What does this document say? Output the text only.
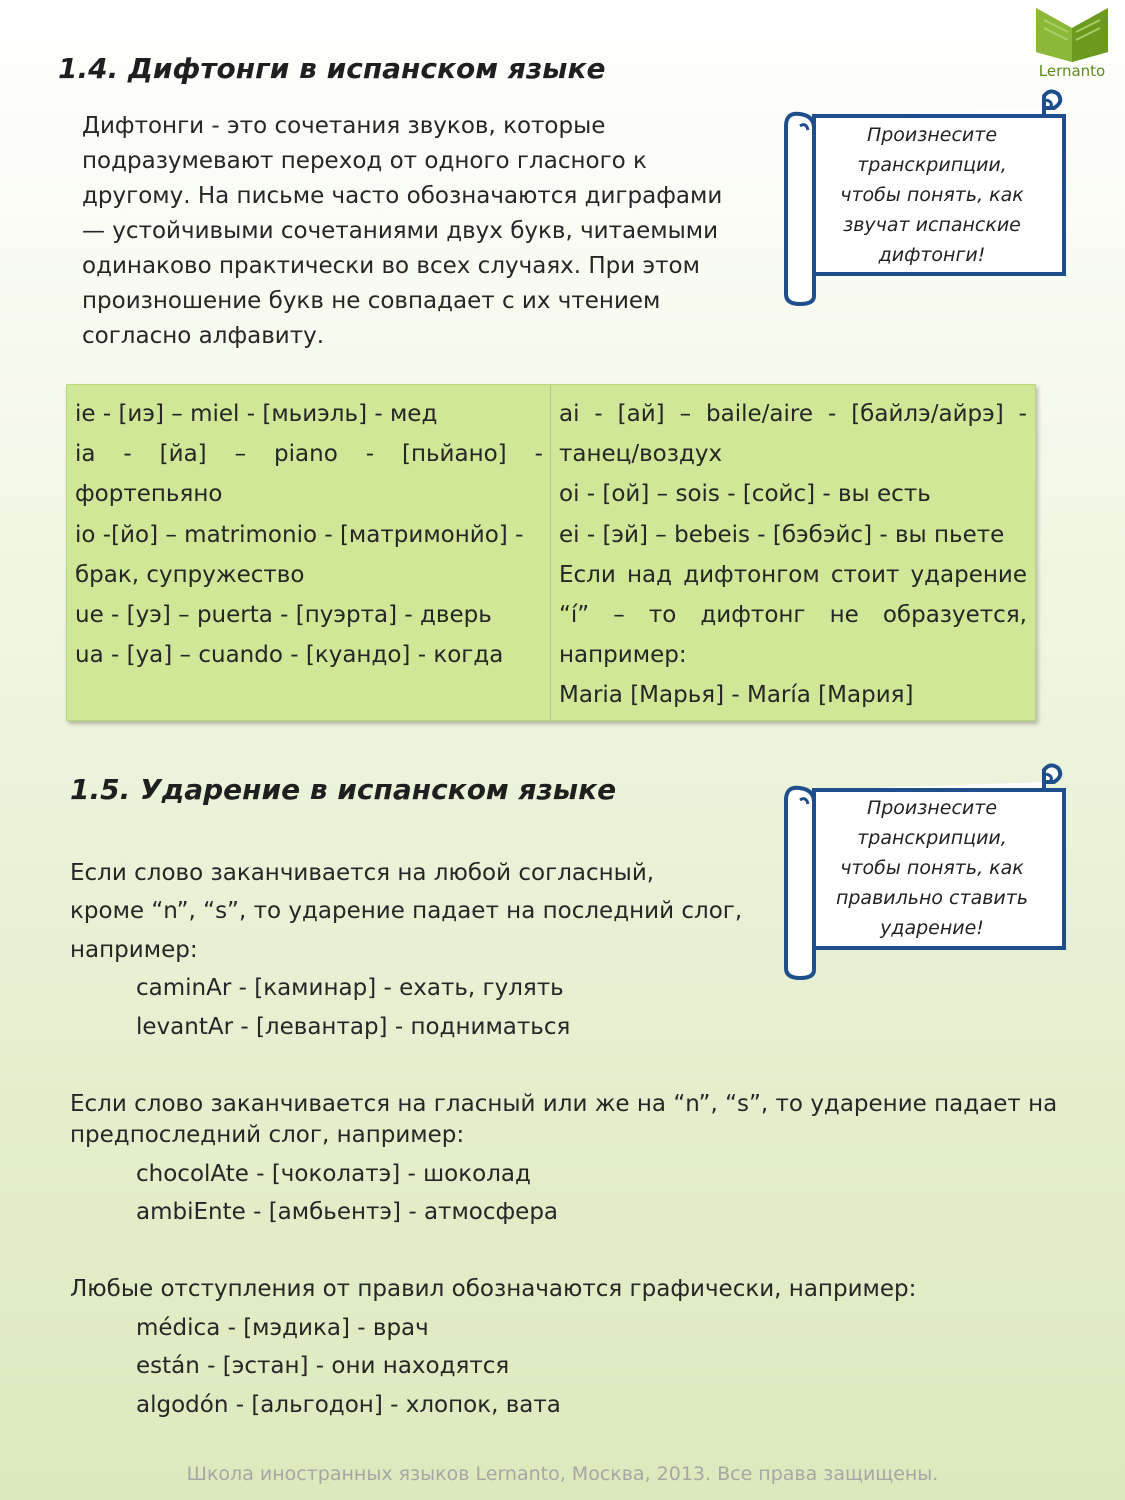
Lernanto
1.4. Дифтонги в испанском языке
Дифтонги - это сочетания звуков, которые
подразумевают переход от одного гласного к
другому. На письме часто обозначаются диграфами
— устойчивыми сочетаниями двух букв, читаемыми
одинаково практически во всех случаях. При этом
произношение букв не совпадает с их чтением
согласно алфавиту.
Произнесите
транскрипции,
чтобы понять, как
звучат испанские
дифтонги!
ie - [иэ] – miel - [мьиэль] - мед
ia - [йа] – piano - [пьйано] -
фортепьяно
io -[йо] – matrimonio - [матримонйо] -
брак, супружество
ue - [уэ] – puerta - [пуэрта] - дверь
ua - [уа] – cuando - [куандо] - когда
ai - [ай] – baile/aire - [байлэ/айрэ] -
танец/воздух
oi - [ой] – sois - [сойс] - вы есть
ei - [эй] – bebeis - [бэбэйс] - вы пьете
Если над дифтонгом стоит ударение
“í” – то дифтонг не образуется,
например:
Maria [Марья] - María [Мария]
1.5. Ударение в испанском языке
Произнесите
транскрипции,
чтобы понять, как
правильно ставить
ударение!
Если слово заканчивается на любой согласный,
кроме “n”, “s”, то ударение падает на последний слог,
например:
caminAr - [каминар] - ехать, гулять
levantAr - [левантар] - подниматься
Если слово заканчивается на гласный или же на “n”, “s”, то ударение падает на
предпоследний слог, например:
chocolAte - [чоколатэ] - шоколад
ambiEnte - [амбьентэ] - атмосфера
Любые отступления от правил обозначаются графически, например:
médica - [мэдика] - врач
están - [эстан] - они находятся
algodón - [альгодон] - хлопок, вата
Школа иностранных языков Lernanto, Москва, 2013. Все права защищены.
